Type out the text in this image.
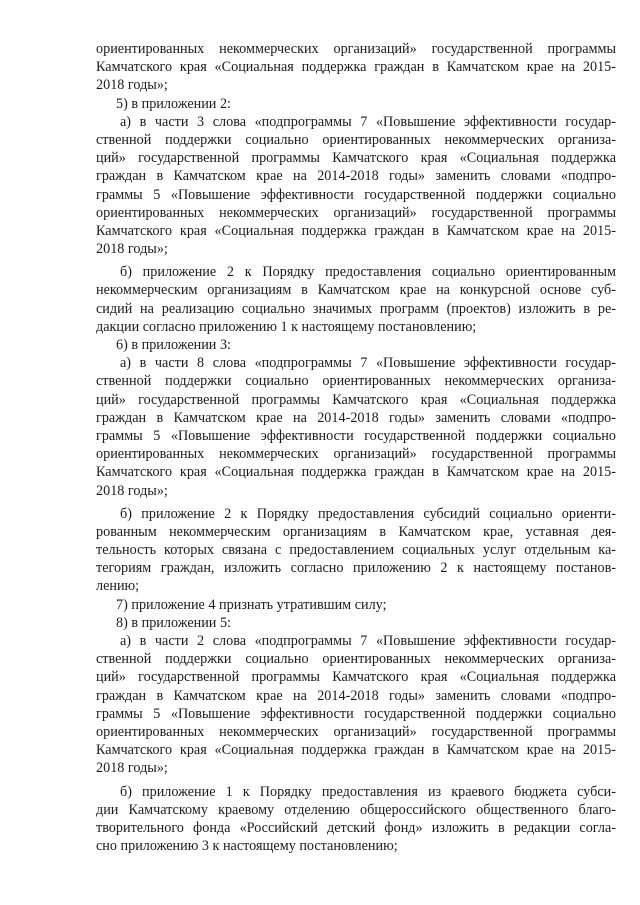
ориентированных некоммерческих организаций» государственной программы
Камчатского края «Социальная поддержка граждан в Камчатском крае на 2015-
2018 годы»;
5) в приложении 2:
а) в части 3 слова «подпрограммы 7 «Повышение эффективности государ-
ственной поддержки социально ориентированных некоммерческих организа-
ций» государственной программы Камчатского края «Социальная поддержка
граждан в Камчатском крае на 2014-2018 годы» заменить словами «подпро-
граммы 5 «Повышение эффективности государственной поддержки социально
ориентированных некоммерческих организаций» государственной программы
Камчатского края «Социальная поддержка граждан в Камчатском крае на 2015-
2018 годы»;
б) приложение 2 к Порядку предоставления социально ориентированным
некоммерческим организациям в Камчатском крае на конкурсной основе суб-
сидий на реализацию социально значимых программ (проектов) изложить в ре-
дакции согласно приложению 1 к настоящему постановлению;
6) в приложении 3:
а) в части 8 слова «подпрограммы 7 «Повышение эффективности государ-
ственной поддержки социально ориентированных некоммерческих организа-
ций» государственной программы Камчатского края «Социальная поддержка
граждан в Камчатском крае на 2014-2018 годы» заменить словами «подпро-
граммы 5 «Повышение эффективности государственной поддержки социально
ориентированных некоммерческих организаций» государственной программы
Камчатского края «Социальная поддержка граждан в Камчатском крае на 2015-
2018 годы»;
б) приложение 2 к Порядку предоставления субсидий социально ориенти-
рованным некоммерческим организациям в Камчатском крае, уставная дея-
тельность которых связана с предоставлением социальных услуг отдельным ка-
тегориям граждан, изложить согласно приложению 2 к настоящему постанов-
лению;
7) приложение 4 признать утратившим силу;
8) в приложении 5:
а) в части 2 слова «подпрограммы 7 «Повышение эффективности государ-
ственной поддержки социально ориентированных некоммерческих организа-
ций» государственной программы Камчатского края «Социальная поддержка
граждан в Камчатском крае на 2014-2018 годы» заменить словами «подпро-
граммы 5 «Повышение эффективности государственной поддержки социально
ориентированных некоммерческих организаций» государственной программы
Камчатского края «Социальная поддержка граждан в Камчатском крае на 2015-
2018 годы»;
б) приложение 1 к Порядку предоставления из краевого бюджета субси-
дии Камчатскому краевому отделению общероссийского общественного благо-
творительного фонда «Российский детский фонд» изложить в редакции согла-
сно приложению 3 к настоящему постановлению;
